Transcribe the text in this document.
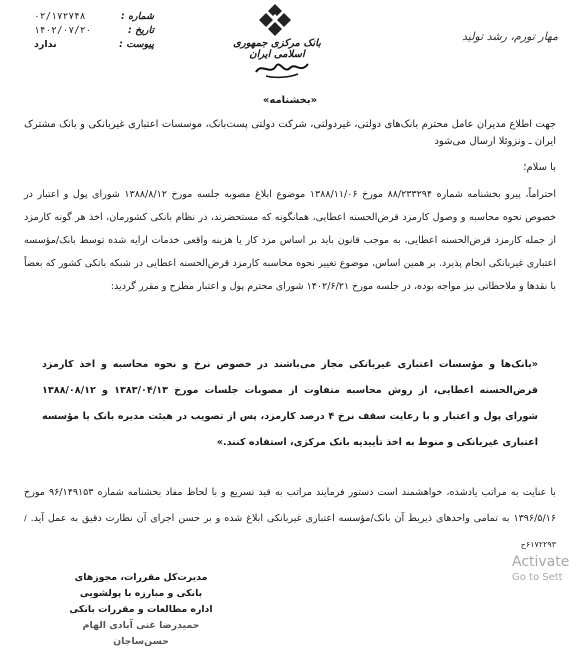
شماره :
۰۲/۱۷۲۷۴۸
تاریخ :
۱۴۰۲/۰۷/۲۰
پیوست :
ندارد	بانک مرکزی جمهوری اسلامی ایران
مهار تورم، رشد تولید
«بخشنامه»
جهت اطلاع مدیران عامل محترم بانک‌های دولتی، غیردولتی، شرکت دولتی پست‌بانک، موسسات اعتباری غیربانکی و بانک مشترک ایران ـ ونزوئلا ارسال می‌شود
با سلام؛
احتراماً، پیرو بخشنامه شماره ۸۸/۲۳۳۲۹۴ مورخ ۱۳۸۸/۱۱/۰۶ موضوع ابلاغ مصوبه جلسه مورخ ۱۳۸۸/۸/۱۲ شورای پول و اعتبار در خصوص نحوه محاسبه و وصول کارمزد قرض‌الحسنه اعطایی، همانگونه که مستحضرند، در نظام بانکی کشورمان، اخذ هر گونه کارمزد از جمله کارمزد قرض‌الحسنه اعطایی، به موجب قانون باید بر اساس مزد کار یا هزینه واقعی خدمات ارایه شده توسط بانک/مؤسسه اعتباری غیربانکی انجام پذیرد. بر همین اساس، موضوع تغییر نحوه محاسبه کارمزد قرض‌الحسنه اعطایی در شبکه بانکی کشور که بعضاً با نقدها و ملاحظاتی نیز مواجه بوده، در جلسه مورخ ۱۴۰۲/۶/۲۱ شورای محترم پول و اعتبار مطرح و مقرر گردید:
«بانک‌ها و مؤسسات اعتباری غیربانکی مجاز می‌باشند در خصوص نرخ و نحوه محاسبه و اخذ کارمزد قرض‌الحسنه اعطایی، از روش محاسبه متفاوت از مصوبات جلسات مورخ ۱۳۸۳/۰۴/۱۳ و ۱۳۸۸/۰۸/۱۲ شورای پول و اعتبار و با رعایت سقف نرخ ۴ درصد کارمزد، پس از تصویب در هیئت مدیره بانک یا مؤسسه اعتباری غیربانکی و منوط به اخذ تأییدیه بانک مرکزی، استفاده کنند.»
با عنایت به مراتب یادشده، خواهشمند است دستور فرمایند مراتب به قید تسریع و با لحاظ مفاد بخشنامه شماره ۹۶/۱۴۹۱۵۳ مورخ ۱۳۹۶/۵/۱۶ به تمامی واحدهای ذیربط آن بانک/مؤسسه اعتباری غیربانکی ابلاغ شده و بر حسن اجرای آن نظارت دقیق به عمل آید. /۶۱۷۲۲۹۳ح
مدیرت‌کل مقررات، مجوزهای بانکی و مبارزه با پولشویی
اداره مطالعات و مقررات بانکی
حمیدرضا غنی آبادی الهام حسن‌ساجان
Activate
Go to Sett
